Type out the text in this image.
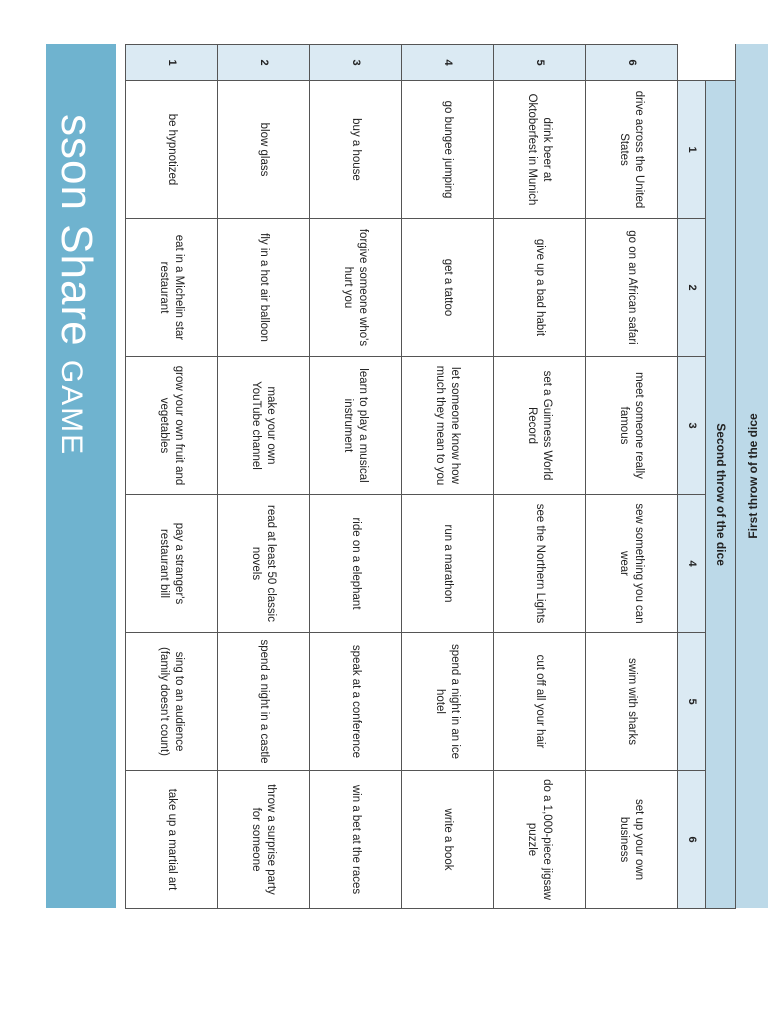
First throw of the dice
	Second throw of the dice					
	1	2	3	4	5	6
6	drive across the United States	go on an African safari	meet someone really famous	sew something you can wear	swim with sharks	set up your own business
5	drink beer at Oktoberfest in Munich	give up a bad habit	set a Guinness World Record	see the Northern Lights	cut off all your hair	do a 1,000-piece jigsaw puzzle
4	go bungee jumping	get a tattoo	let someone know how much they mean to you	run a marathon	spend a night in an ice hotel	write a book
3	buy a house	forgive someone who's hurt you	learn to play a musical instrument	ride on a elephant	speak at a conference	win a bet at the races
2	blow glass	fly in a hot air balloon	make your own YouTube channel	read at least 50 classic novels	spend a night in a castle	throw a surprise party for someone
1	be hypnotized	eat in a Michelin star restaurant	grow your own fruit and vegetables	pay a stranger's restaurant bill	sing to an audience (family doesn't count)	take up a martial art
sson Share GAME
